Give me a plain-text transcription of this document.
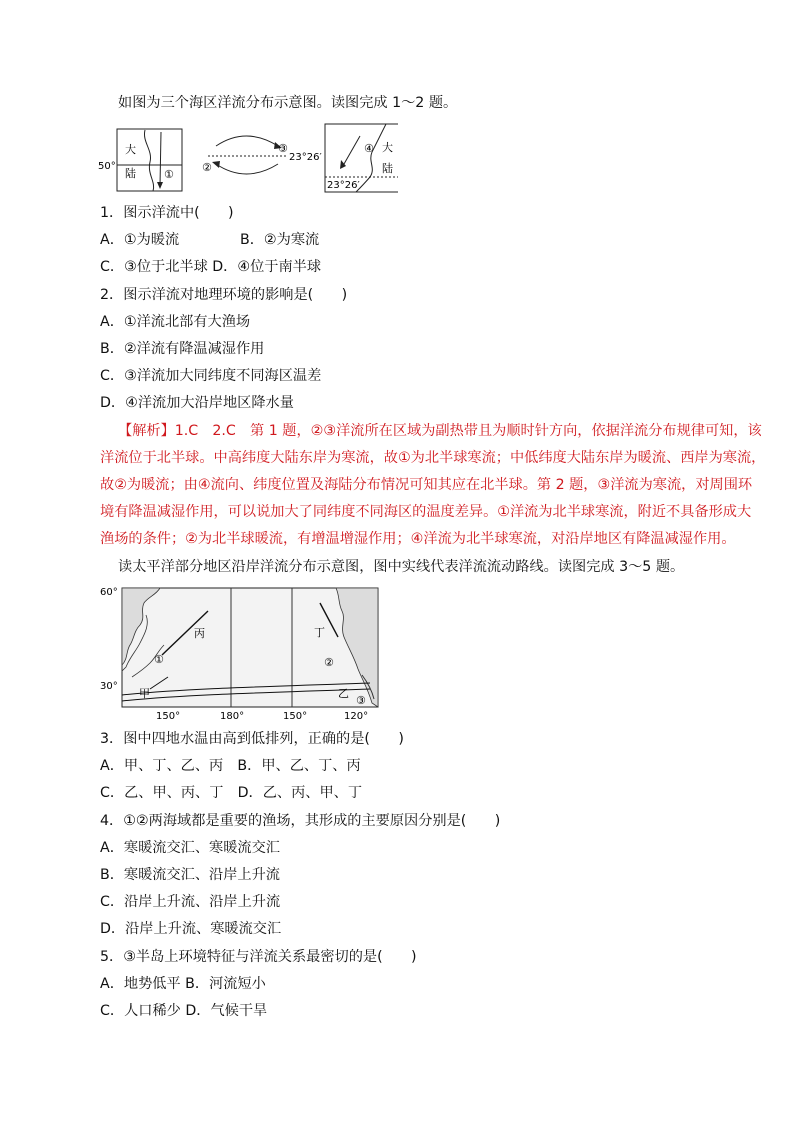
如图为三个海区洋流分布示意图。读图完成 1～2 题。
50°
大
陆	①
②
③
23°26′
④ 大
陆
23°26′
1．图示洋流中(　　)
A．①为暖流	B．②为寒流
C．③位于北半球 D．④位于南半球
2．图示洋流对地理环境的影响是(　　)
A．①洋流北部有大渔场
B．②洋流有降温减湿作用
C．③洋流加大同纬度不同海区温差
D．④洋流加大沿岸地区降水量
【解析】1.C　2.C　第 1 题，②③洋流所在区域为副热带且为顺时针方向，依据洋流分布规律可知，该
洋流位于北半球。中高纬度大陆东岸为寒流，故①为北半球寒流；中低纬度大陆东岸为暖流、西岸为寒流，
故②为暖流；由④流向、纬度位置及海陆分布情况可知其应在北半球。第 2 题，③洋流为寒流，对周围环
境有降温减湿作用，可以说加大了同纬度不同海区的温度差异。①洋流为北半球寒流，附近不具备形成大
渔场的条件；②为北半球暖流，有增温增湿作用；④洋流为北半球寒流，对沿岸地区有降温减湿作用。
读太平洋部分地区沿岸洋流分布示意图，图中实线代表洋流流动路线。读图完成 3～5 题。
60°
30°
150°	180°	150°	120°
丙	丁
甲	乙
①	②
③
3．图中四地水温由高到低排列，正确的是(　　)
A．甲、丁、乙、丙　B．甲、乙、丁、丙
C．乙、甲、丙、丁　D．乙、丙、甲、丁
4．①②两海域都是重要的渔场，其形成的主要原因分别是(　　)
A．寒暖流交汇、寒暖流交汇
B．寒暖流交汇、沿岸上升流
C．沿岸上升流、沿岸上升流
D．沿岸上升流、寒暖流交汇
5．③半岛上环境特征与洋流关系最密切的是(　　)
A．地势低平 B．河流短小
C．人口稀少 D．气候干旱
